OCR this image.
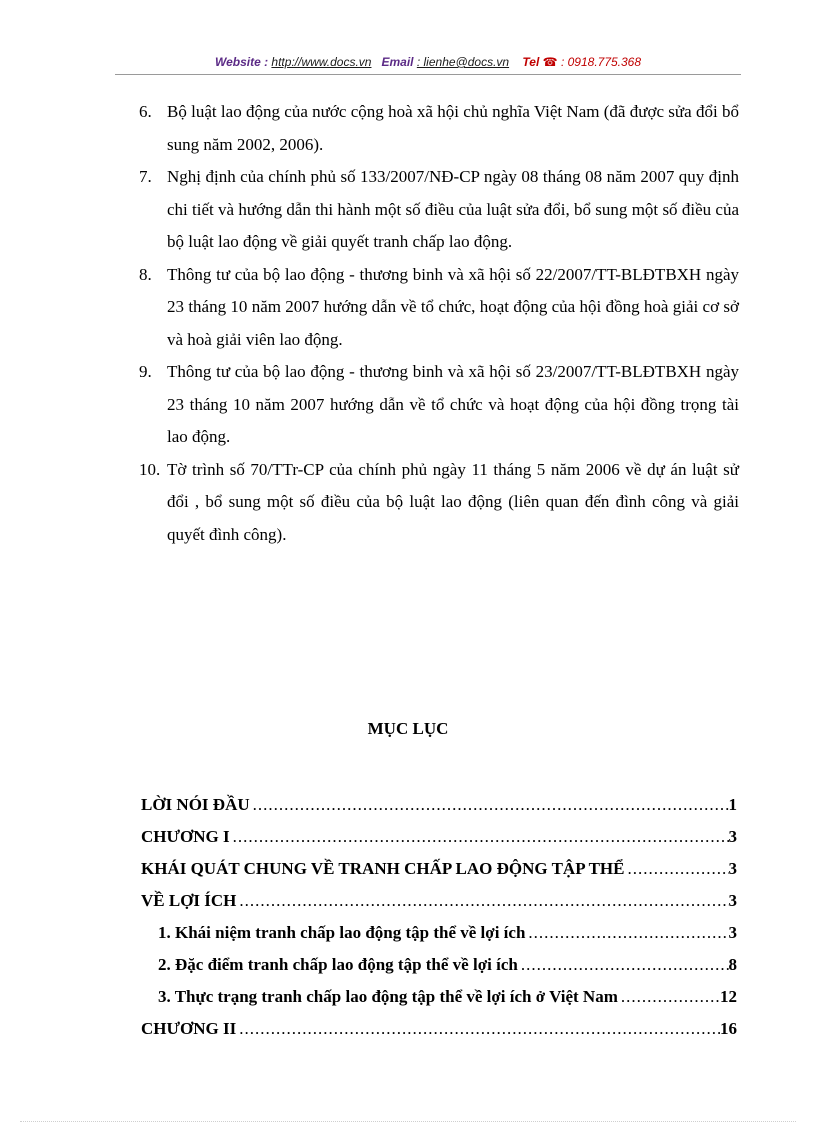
Website : http://www.docs.vn Email : lienhe@docs.vn Tel ☎ : 0918.775.368
6. Bộ luật lao động của nước cộng hoà xã hội chủ nghĩa Việt Nam (đã được sửa đổi bổ sung năm 2002, 2006).
7. Nghị định của chính phủ số 133/2007/NĐ-CP ngày 08 tháng 08 năm 2007 quy định chi tiết và hướng dẫn thi hành một số điều của luật sửa đổi, bổ sung một số điều của bộ luật lao động về giải quyết tranh chấp lao động.
8. Thông tư của bộ lao động - thương binh và xã hội số 22/2007/TT-BLĐTBXH ngày 23 tháng 10 năm 2007 hướng dẫn về tổ chức, hoạt động của hội đồng hoà giải cơ sở và hoà giải viên lao động.
9. Thông tư của bộ lao động - thương binh và xã hội số 23/2007/TT-BLĐTBXH ngày 23 tháng 10 năm 2007 hướng dẫn về tổ chức và hoạt động của hội đồng trọng tài lao động.
10. Tờ trình số 70/TTr-CP của chính phủ ngày 11 tháng 5 năm 2006 về dự án luật sử đổi , bổ sung một số điều của bộ luật lao động (liên quan đến đình công và giải quyết đình công).
MỤC LỤC
LỜI NÓI ĐẦU .....	1
CHƯƠNG I .....	3
KHÁI QUÁT CHUNG VỀ TRANH CHẤP LAO ĐỘNG TẬP THỂ .....	3
VỀ LỢI ÍCH .....	3
1. Khái niệm tranh chấp lao động tập thể về lợi ích .....	3
2. Đặc điểm tranh chấp lao động tập thể về lợi ích .....	8
3. Thực trạng tranh chấp lao động tập thể về lợi ích ở Việt Nam .....	12
CHƯƠNG II .....	16
